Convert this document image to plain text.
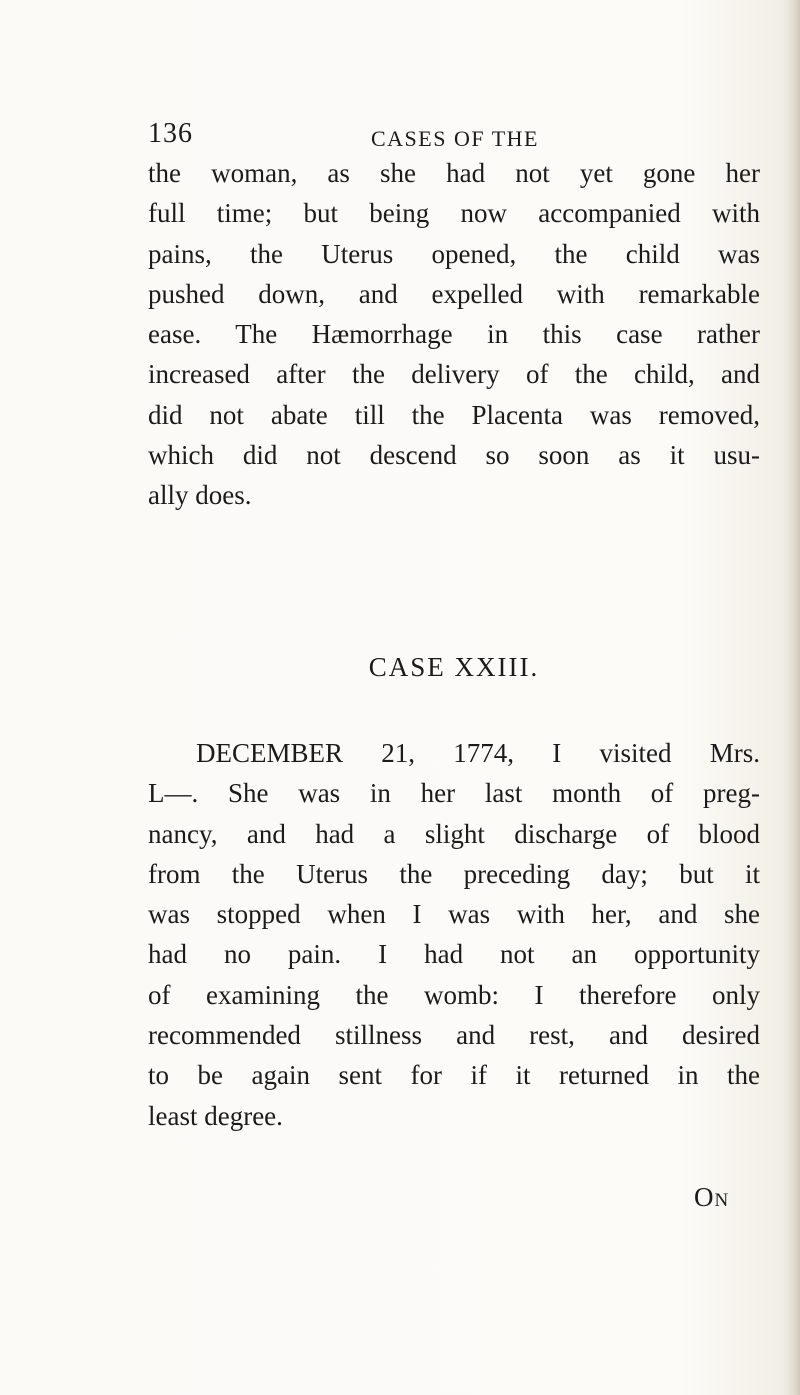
136	CASES OF THE
the woman, as she had not yet gone her
full time; but being now accompanied with
pains, the Uterus opened, the child was
pushed down, and expelled with remarkable
ease. The Hæmorrhage in this case rather
increased after the delivery of the child, and
did not abate till the Placenta was removed,
which did not descend so soon as it usu-
ally does.
CASE XXIII.
DECEMBER 21, 1774, I visited Mrs.
L—. She was in her last month of preg-
nancy, and had a slight discharge of blood
from the Uterus the preceding day; but it
was stopped when I was with her, and she
had no pain. I had not an opportunity
of examining the womb: I therefore only
recommended stillness and rest, and desired
to be again sent for if it returned in the
least degree.
On
